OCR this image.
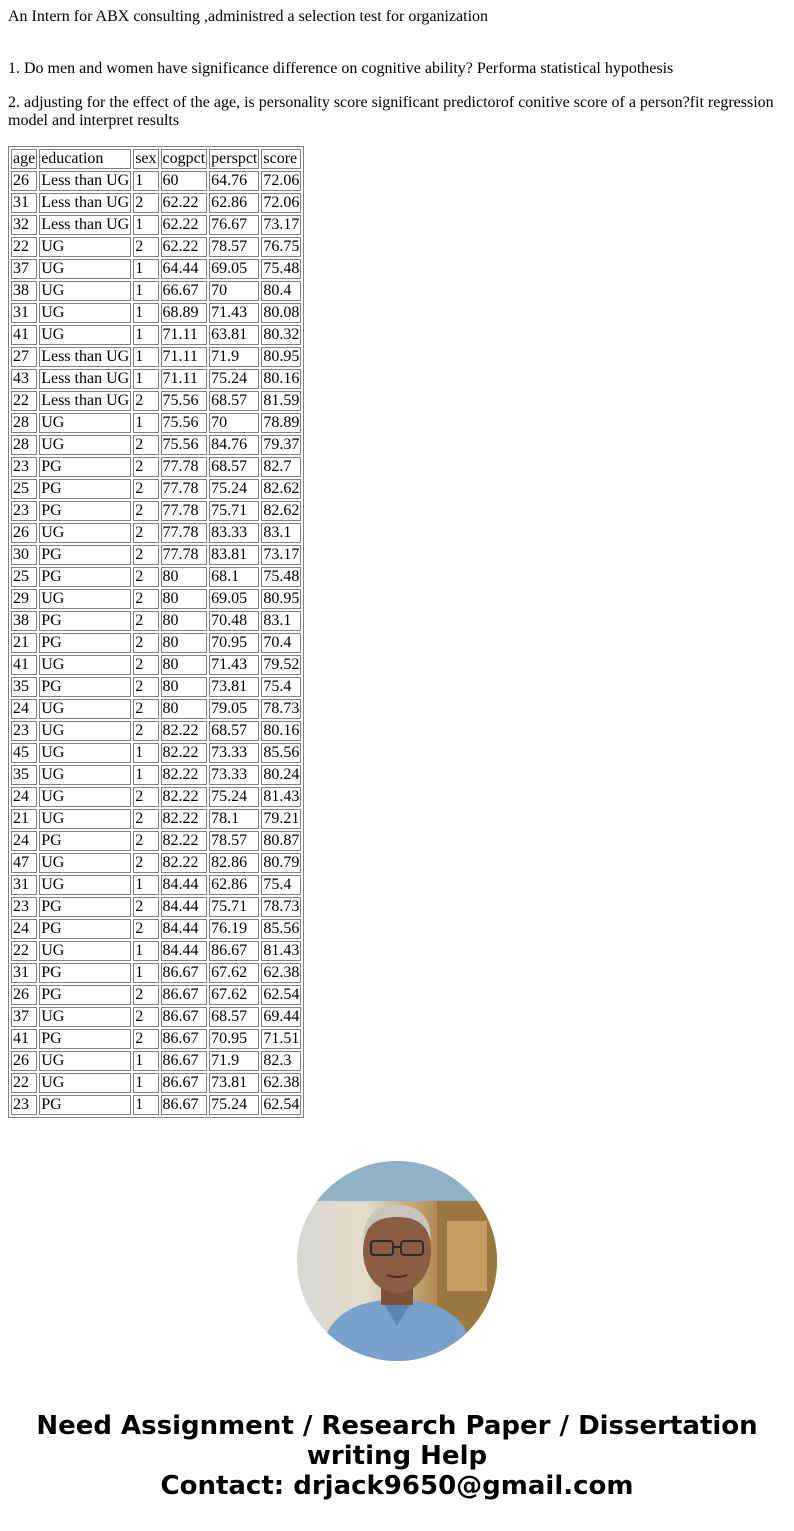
An Intern for ABX consulting ,administred a selection test for organization

1. Do men and women have significance difference on cognitive ability? Performa statistical hypothesis

2. adjusting for the effect of the age, is personality score significant predictorof conitive score of a person?fit regression model and interpret results

age	education	sex	cogpct	perspct	score
26	Less than UG	1	60	64.76	72.06
31	Less than UG	2	62.22	62.86	72.06
32	Less than UG	1	62.22	76.67	73.17
22	UG	2	62.22	78.57	76.75
37	UG	1	64.44	69.05	75.48
38	UG	1	66.67	70	80.4
31	UG	1	68.89	71.43	80.08
41	UG	1	71.11	63.81	80.32
27	Less than UG	1	71.11	71.9	80.95
43	Less than UG	1	71.11	75.24	80.16
22	Less than UG	2	75.56	68.57	81.59
28	UG	1	75.56	70	78.89
28	UG	2	75.56	84.76	79.37
23	PG	2	77.78	68.57	82.7
25	PG	2	77.78	75.24	82.62
23	PG	2	77.78	75.71	82.62
26	UG	2	77.78	83.33	83.1
30	PG	2	77.78	83.81	73.17
25	PG	2	80	68.1	75.48
29	UG	2	80	69.05	80.95
38	PG	2	80	70.48	83.1
21	PG	2	80	70.95	70.4
41	UG	2	80	71.43	79.52
35	PG	2	80	73.81	75.4
24	UG	2	80	79.05	78.73
23	UG	2	82.22	68.57	80.16
45	UG	1	82.22	73.33	85.56
35	UG	1	82.22	73.33	80.24
24	UG	2	82.22	75.24	81.43
21	UG	2	82.22	78.1	79.21
24	PG	2	82.22	78.57	80.87
47	UG	2	82.22	82.86	80.79
31	UG	1	84.44	62.86	75.4
23	PG	2	84.44	75.71	78.73
24	PG	2	84.44	76.19	85.56
22	UG	1	84.44	86.67	81.43
31	PG	1	86.67	67.62	62.38
26	PG	2	86.67	67.62	62.54
37	UG	2	86.67	68.57	69.44
41	PG	2	86.67	70.95	71.51
26	UG	1	86.67	71.9	82.3
22	UG	1	86.67	73.81	62.38
23	PG	1	86.67	75.24	62.54
Need Assignment / Research Paper / Dissertation
writing Help
Contact: drjack9650@gmail.com
